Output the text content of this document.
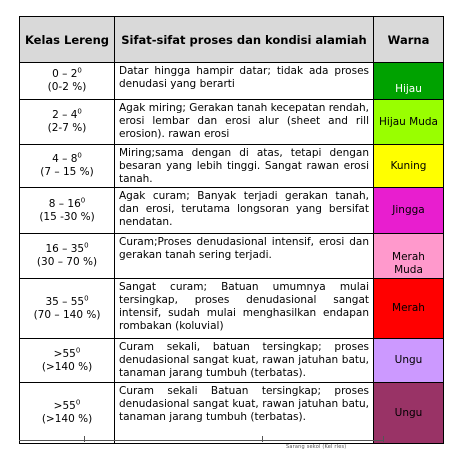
Kelas Lereng	Sifat-sifat proses dan kondisi alamiah	Warna

$0 - 2^0$
(0-2 %)	Datar hingga hampir datar; tidak ada proses denudasi yang berarti	Hijau

$2 - 4^0$
(2-7 %)	Agak miring; Gerakan tanah kecepatan rendah, erosi lembar dan erosi alur (sheet and rill erosion). rawan erosi	Hijau Muda

$4 - 8^0$
(7 – 15 %)	Miring;sama dengan di atas, tetapi dengan besaran yang lebih tinggi. Sangat rawan erosi tanah.	Kuning

$8 - 16^0$
(15 -30 %)	Agak curam; Banyak terjadi gerakan tanah, dan erosi, terutama longsoran yang bersifat nendatan.	Jingga

$16 - 35^0$
(30 – 70 %)	Curam;Proses denudasional intensif, erosi dan gerakan tanah sering terjadi.	Merah Muda

$35 - 55^0$
(70 – 140 %)	Sangat curam; Batuan umumnya mulai tersingkap, proses denudasional sangat intensif, sudah mulai menghasilkan endapan rombakan (koluvial)	Merah

$>55^0$
(>140 %)	Curam sekali, batuan tersingkap; proses denudasional sangat kuat, rawan jatuhan batu, tanaman jarang tumbuh (terbatas).	Ungu

$>55^0$
(>140 %)	Curam sekali Batuan tersingkap; proses denudasional sangat kuat, rawan jatuhan batu, tanaman jarang tumbuh (terbatas).	Ungu
Sarang sekol (Kel rles)
